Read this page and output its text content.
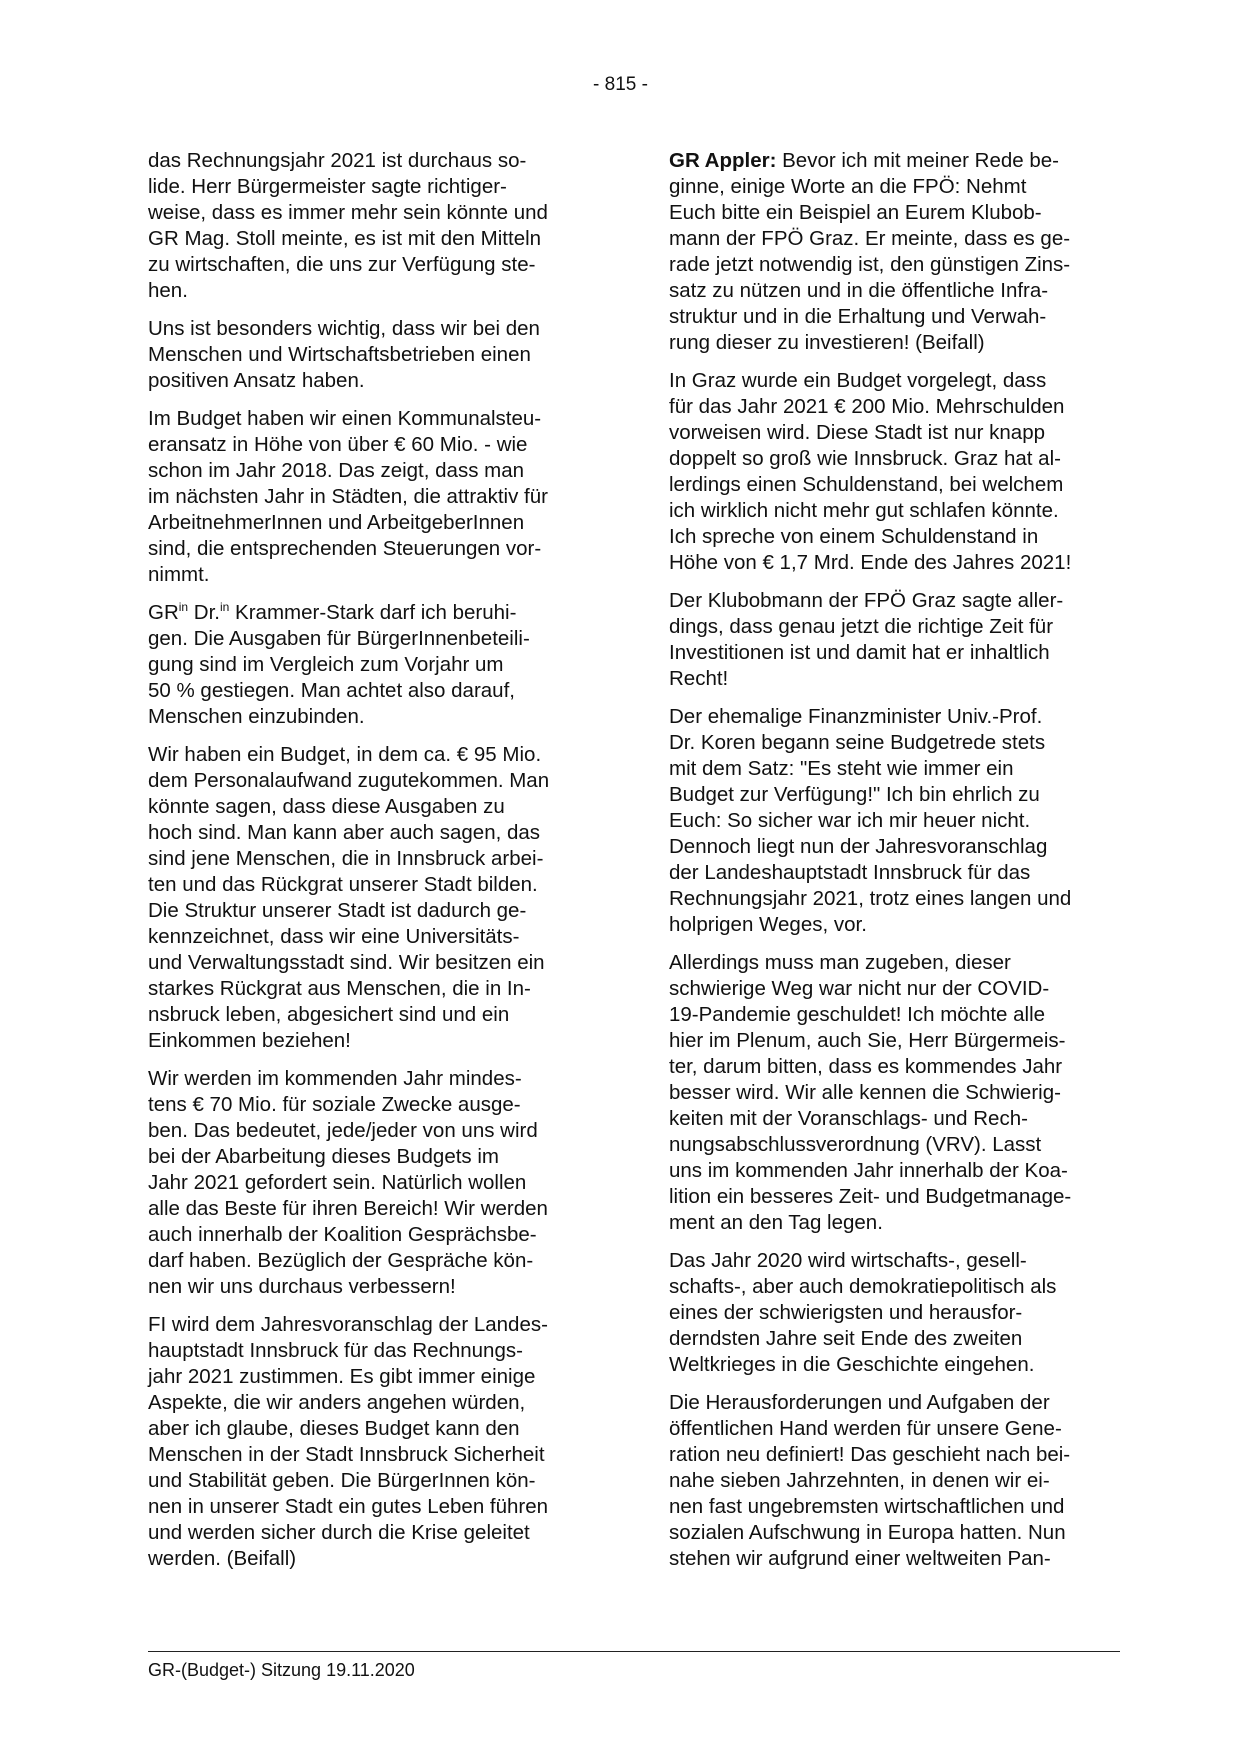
- 815 -

das Rechnungsjahr 2021 ist durchaus so-
lide. Herr Bürgermeister sagte richtiger-
weise, dass es immer mehr sein könnte und
GR Mag. Stoll meinte, es ist mit den Mitteln
zu wirtschaften, die uns zur Verfügung ste-
hen.

Uns ist besonders wichtig, dass wir bei den
Menschen und Wirtschaftsbetrieben einen
positiven Ansatz haben.

Im Budget haben wir einen Kommunalsteu-
eransatz in Höhe von über € 60 Mio. - wie
schon im Jahr 2018. Das zeigt, dass man
im nächsten Jahr in Städten, die attraktiv für
ArbeitnehmerInnen und ArbeitgeberInnen
sind, die entsprechenden Steuerungen vor-
nimmt.

$GR^{in}$ Dr.$^{in}$ Krammer-Stark darf ich beruhi-
gen. Die Ausgaben für BürgerInnenbeteili-
gung sind im Vergleich zum Vorjahr um
50 % gestiegen. Man achtet also darauf,
Menschen einzubinden.

Wir haben ein Budget, in dem ca. € 95 Mio.
dem Personalaufwand zugutekommen. Man
könnte sagen, dass diese Ausgaben zu
hoch sind. Man kann aber auch sagen, das
sind jene Menschen, die in Innsbruck arbei-
ten und das Rückgrat unserer Stadt bilden.
Die Struktur unserer Stadt ist dadurch ge-
kennzeichnet, dass wir eine Universitäts-
und Verwaltungsstadt sind. Wir besitzen ein
starkes Rückgrat aus Menschen, die in In-
nsbruck leben, abgesichert sind und ein
Einkommen beziehen!

Wir werden im kommenden Jahr mindes-
tens € 70 Mio. für soziale Zwecke ausge-
ben. Das bedeutet, jede/jeder von uns wird
bei der Abarbeitung dieses Budgets im
Jahr 2021 gefordert sein. Natürlich wollen
alle das Beste für ihren Bereich! Wir werden
auch innerhalb der Koalition Gesprächsbe-
darf haben. Bezüglich der Gespräche kön-
nen wir uns durchaus verbessern!

FI wird dem Jahresvoranschlag der Landes-
hauptstadt Innsbruck für das Rechnungs-
jahr 2021 zustimmen. Es gibt immer einige
Aspekte, die wir anders angehen würden,
aber ich glaube, dieses Budget kann den
Menschen in der Stadt Innsbruck Sicherheit
und Stabilität geben. Die BürgerInnen kön-
nen in unserer Stadt ein gutes Leben führen
und werden sicher durch die Krise geleitet
werden. (Beifall)

GR Appler: Bevor ich mit meiner Rede be-
ginne, einige Worte an die FPÖ: Nehmt
Euch bitte ein Beispiel an Eurem Klubob-
mann der FPÖ Graz. Er meinte, dass es ge-
rade jetzt notwendig ist, den günstigen Zins-
satz zu nützen und in die öffentliche Infra-
struktur und in die Erhaltung und Verwah-
rung dieser zu investieren! (Beifall)

In Graz wurde ein Budget vorgelegt, dass
für das Jahr 2021 € 200 Mio. Mehrschulden
vorweisen wird. Diese Stadt ist nur knapp
doppelt so groß wie Innsbruck. Graz hat al-
lerdings einen Schuldenstand, bei welchem
ich wirklich nicht mehr gut schlafen könnte.
Ich spreche von einem Schuldenstand in
Höhe von € 1,7 Mrd. Ende des Jahres 2021!

Der Klubobmann der FPÖ Graz sagte aller-
dings, dass genau jetzt die richtige Zeit für
Investitionen ist und damit hat er inhaltlich
Recht!

Der ehemalige Finanzminister Univ.-Prof.
Dr. Koren begann seine Budgetrede stets
mit dem Satz: "Es steht wie immer ein
Budget zur Verfügung!" Ich bin ehrlich zu
Euch: So sicher war ich mir heuer nicht.
Dennoch liegt nun der Jahresvoranschlag
der Landeshauptstadt Innsbruck für das
Rechnungsjahr 2021, trotz eines langen und
holprigen Weges, vor.

Allerdings muss man zugeben, dieser
schwierige Weg war nicht nur der COVID-
19-Pandemie geschuldet! Ich möchte alle
hier im Plenum, auch Sie, Herr Bürgermeis-
ter, darum bitten, dass es kommendes Jahr
besser wird. Wir alle kennen die Schwierig-
keiten mit der Voranschlags- und Rech-
nungsabschlussverordnung (VRV). Lasst
uns im kommenden Jahr innerhalb der Koa-
lition ein besseres Zeit- und Budgetmanage-
ment an den Tag legen.

Das Jahr 2020 wird wirtschafts-, gesell-
schafts-, aber auch demokratiepolitisch als
eines der schwierigsten und herausfor-
derndsten Jahre seit Ende des zweiten
Weltkrieges in die Geschichte eingehen.

Die Herausforderungen und Aufgaben der
öffentlichen Hand werden für unsere Gene-
ration neu definiert! Das geschieht nach bei-
nahe sieben Jahrzehnten, in denen wir ei-
nen fast ungebremsten wirtschaftlichen und
sozialen Aufschwung in Europa hatten. Nun
stehen wir aufgrund einer weltweiten Pan-

GR-(Budget-) Sitzung 19.11.2020
